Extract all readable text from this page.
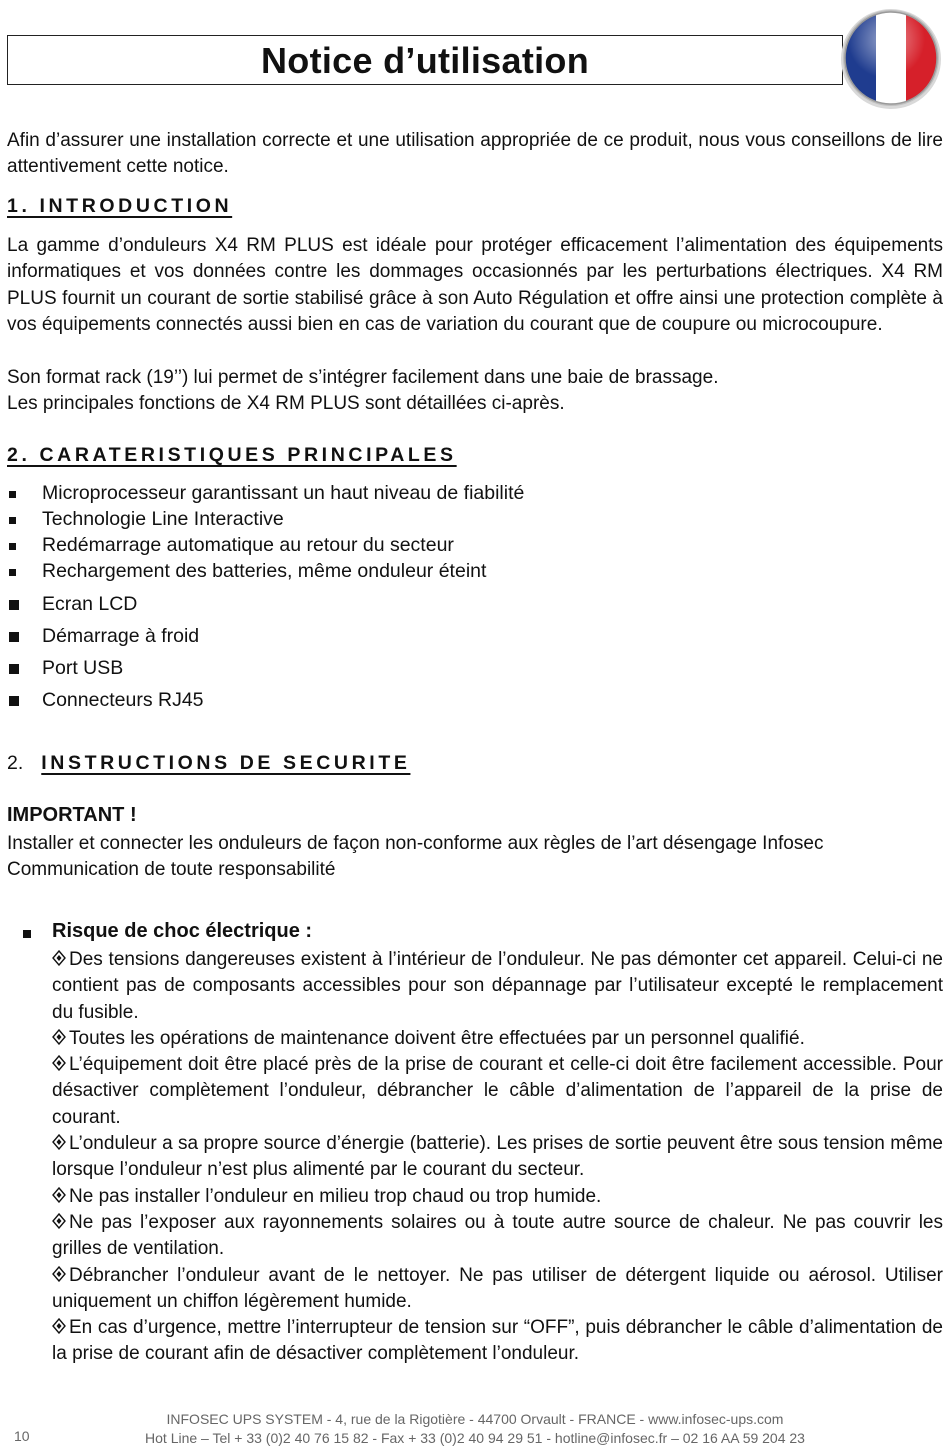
Notice d’utilisation

Afin d’assurer une installation correcte et une utilisation appropriée de ce produit, nous vous conseillons de lire attentivement cette notice.

1. INTRODUCTION

La gamme d’onduleurs X4 RM PLUS est idéale pour protéger efficacement l’alimentation des équipements informatiques et vos données contre les dommages occasionnés par les perturbations électriques. X4 RM PLUS fournit un courant de sortie stabilisé grâce à son Auto Régulation et offre ainsi une protection complète à vos équipements connectés aussi bien en cas de variation du courant que de coupure ou microcoupure.

Son format rack (19’’) lui permet de s’intégrer facilement dans une baie de brassage.

Les principales fonctions de X4 RM PLUS sont détaillées ci-après.

2. CARATERISTIQUES PRINCIPALES
Microprocesseur garantissant un haut niveau de fiabilité
Technologie Line Interactive
Redémarrage automatique au retour du secteur
Rechargement des batteries, même onduleur éteint
Ecran LCD
Démarrage à froid
Port USB
Connecteurs RJ45
2. INSTRUCTIONS DE SECURITE
IMPORTANT !

Installer et connecter les onduleurs de façon non-conforme aux règles de l’art désengage Infosec Communication de toute responsabilité

Risque de choc électrique :

Des tensions dangereuses existent à l’intérieur de l’onduleur. Ne pas démonter cet appareil. Celui-ci ne contient pas de composants accessibles pour son dépannage par l’utilisateur excepté le remplacement du fusible.

Toutes les opérations de maintenance doivent être effectuées par un personnel qualifié.

L’équipement doit être placé près de la prise de courant et celle-ci doit être facilement accessible. Pour désactiver complètement l’onduleur, débrancher le câble d’alimentation de l’appareil de la prise de courant.

L’onduleur a sa propre source d’énergie (batterie). Les prises de sortie peuvent être sous tension même lorsque l’onduleur n’est plus alimenté par le courant du secteur.

Ne pas installer l’onduleur en milieu trop chaud ou trop humide.

Ne pas l’exposer aux rayonnements solaires ou à toute autre source de chaleur. Ne pas couvrir les grilles de ventilation.

Débrancher l’onduleur avant de le nettoyer. Ne pas utiliser de détergent liquide ou aérosol. Utiliser uniquement un chiffon légèrement humide.

En cas d’urgence, mettre l’interrupteur de tension sur “OFF”, puis débrancher le câble d’alimentation de la prise de courant afin de désactiver complètement l’onduleur.

10
INFOSEC UPS SYSTEM - 4, rue de la Rigotière - 44700 Orvault - FRANCE - www.infosec-ups.com
Hot Line – Tel + 33 (0)2 40 76 15 82 - Fax + 33 (0)2 40 94 29 51 - hotline@infosec.fr – 02 16 AA 59 204 23
